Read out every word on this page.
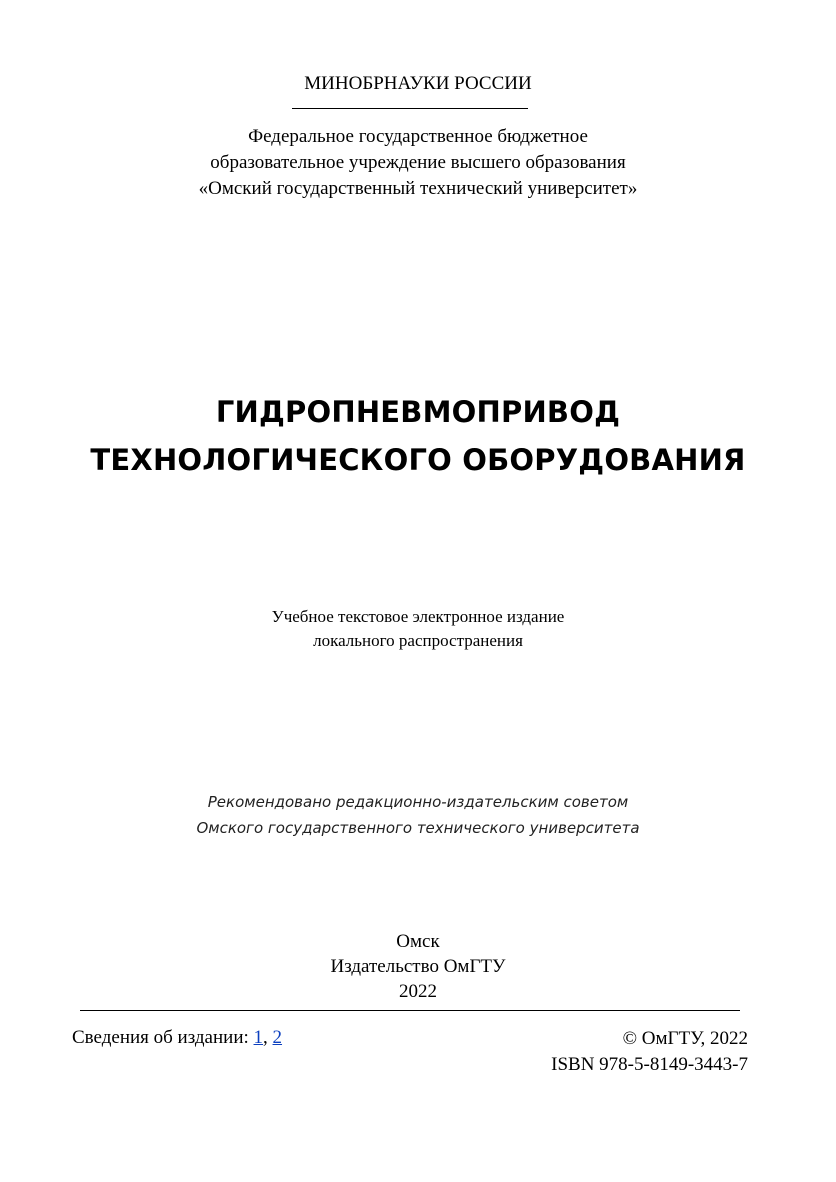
МИНОБРНАУКИ РОССИИ
Федеральное государственное бюджетное
образовательное учреждение высшего образования
«Омский государственный технический университет»
ГИДРОПНЕВМОПРИВОД
ТЕХНОЛОГИЧЕСКОГО ОБОРУДОВАНИЯ
Учебное текстовое электронное издание
локального распространения
Рекомендовано редакционно-издательским советом
Омского государственного технического университета
Омск
Издательство ОмГТУ
2022
Сведения об издании: 1, 2	© ОмГТУ, 2022
ISBN 978-5-8149-3443-7
